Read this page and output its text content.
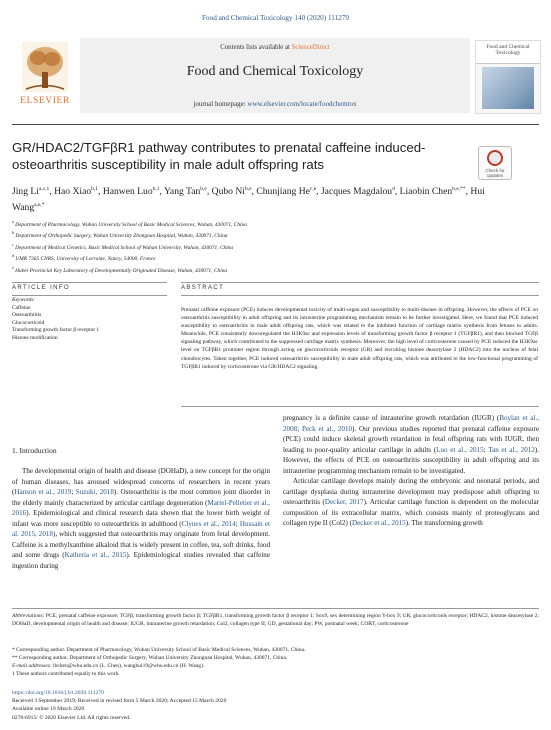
Food and Chemical Toxicology 140 (2020) 111279
ELSEVIER
Contents lists available at ScienceDirect
Food and Chemical Toxicology
journal homepage: www.elsevier.com/locate/foodchemtox
Food and Chemical Toxicology
GR/HDAC2/TGFβR1 pathway contributes to prenatal caffeine induced-osteoarthritis susceptibility in male adult offspring rats	Check for updates
Jing Li$^{a,c,1}$, Hao Xiao$^{b,1}$, Hanwen Luo$^{b,1}$, Yang Tan$^{b,e}$, Qubo Ni$^{b,e}$, Chunjiang He$^{c,e}$, Jacques Magdalou$^d$, Liaobin Chen$^{b,e,**}$, Hui Wang$^{a,e,*}$
$^a$ Department of Pharmacology, Wuhan University School of Basic Medical Sciences, Wuhan, 430071, China
$^b$ Department of Orthopedic Surgery, Wuhan University Zhongnan Hospital, Wuhan, 430071, China
$^c$ Department of Medical Genetics, Basic Medical School of Wuhan University, Wuhan, 430071, China
$^d$ UMR 7365 CNRS, University of Lorraine, Nancy, 54000, France
$^e$ Hubei Provincial Key Laboratory of Developmentally Originated Disease, Wuhan, 430071, China
ARTICLE INFO	ABSTRACT
Keywords:
Caffeine
Osteoarthritis
Glucocorticoid
Transforming growth factor β receptor 1
Histone modification
Prenatal caffeine exposure (PCE) induces developmental toxicity of multi-organ and susceptibility to multi-disease in offspring. However, the effects of PCE on osteoarthritis susceptibility in adult offspring and its intrauterine programming mechanism remain to be further investigated. Here, we found that PCE induced susceptibility to osteoarthritis in male adult offspring rats, which was related to the inhibited function of cartilage matrix synthesis from fetuses to adults. Meanwhile, PCE consistently downregulated the H3K9ac and expression levels of transforming growth factor β receptor 1 (TGFβR1), and then blocked TGFβ signaling pathway, which contributed to the suppressed cartilage matrix synthesis. Moreover, the high level of corticosterone caused by PCE reduced the H3K9ac level on TGFβR1 promoter region through acting on glucocorticoids receptor (GR) and recruiting histone deacetylase 2 (HDAC2) into the nucleus of fetal chondrocytes. Taken together, PCE induced osteoarthritis susceptibility in male adult offspring rats, which was attributed to the low-functional programming of TGFβR1 induced by corticosterone via GR/HDAC2 signaling.
1. Introduction
The developmental origin of health and disease (DOHaD), a new concept for the origin of human diseases, has aroused widespread concerns of researchers in recent years (Hanson et al., 2019; Suzuki, 2018). Osteoarthritis is the most common joint disorder in the elderly mainly characterized by articular cartilage degeneration (Martel-Pelletier et al., 2016). Epidemiological and clinical research data shown that the lower birth weight of infant was more susceptible to osteoarthritis in adulthood (Clynes et al., 2014; Hussain et al. 2015, 2018), which suggested that osteoarthritis may originate from fetal development. Caffeine is a methylxanthine alkaloid that is widely present in coffee, tea, soft drinks, food and some drugs (Katheria et al., 2015). Epidemiological studies revealed that caffeine ingestion during

pregnancy is a definite cause of intrauterine growth retardation (IUGR) (Boylan et al., 2008; Peck et al., 2010). Our previous studies reported that prenatal caffeine exposure (PCE) could induce skeletal growth retardation in fetal offspring rats with IUGR, then leading to poor-quality articular cartilage in adults (Luo et al., 2015; Tan et al., 2012). However, the effects of PCE on osteoarthritis susceptibility in adult offspring and its intrauterine programming mechanism remain to be investigated.

Articular cartilage develops mainly during the embryonic and neonatal periods, and cartilage dysplasia during intrauterine development may predispose adult offspring to osteoarthritis (Decker, 2017). Articular cartilage function is dependent on the molecular composition of its extracellular matrix, which consists mainly of proteoglycans and collagen type II (Col2) (Decker et al., 2015). The transforming growth

Abbreviations: PCE, prenatal caffeine exposure; TGFβ, transforming growth factor β; TGFβR1, transforming growth factor β receptor 1; Sox9, sex determining region Y-box 9; GR, glucocorticoids receptor; HDAC2, histone deacetylase 2; DOHaD, developmental origin of health and disease; IUGR, intrauterine growth retardation; Col2, collagen type II; GD, gestational day; PW, postnatal week; CORT, corticosterone
* Corresponding author. Department of Pharmacology, Wuhan University School of Basic Medical Sciences, Wuhan, 430071, China.
** Corresponding author. Department of Orthopedic Surgery, Wuhan University Zhongnan Hospital, Wuhan, 430071, China.
E-mail addresses: lbchen@whu.edu.cn (L. Chen), wanghui19@whu.edu.cn (H. Wang).
1 These authors contributed equally to this work.
https://doi.org/10.1016/j.fct.2020.111279
Received 3 September 2019; Received in revised form 5 March 2020; Accepted 15 March 2020
Available online 19 March 2020
0278-6915/ © 2020 Elsevier Ltd. All rights reserved.
